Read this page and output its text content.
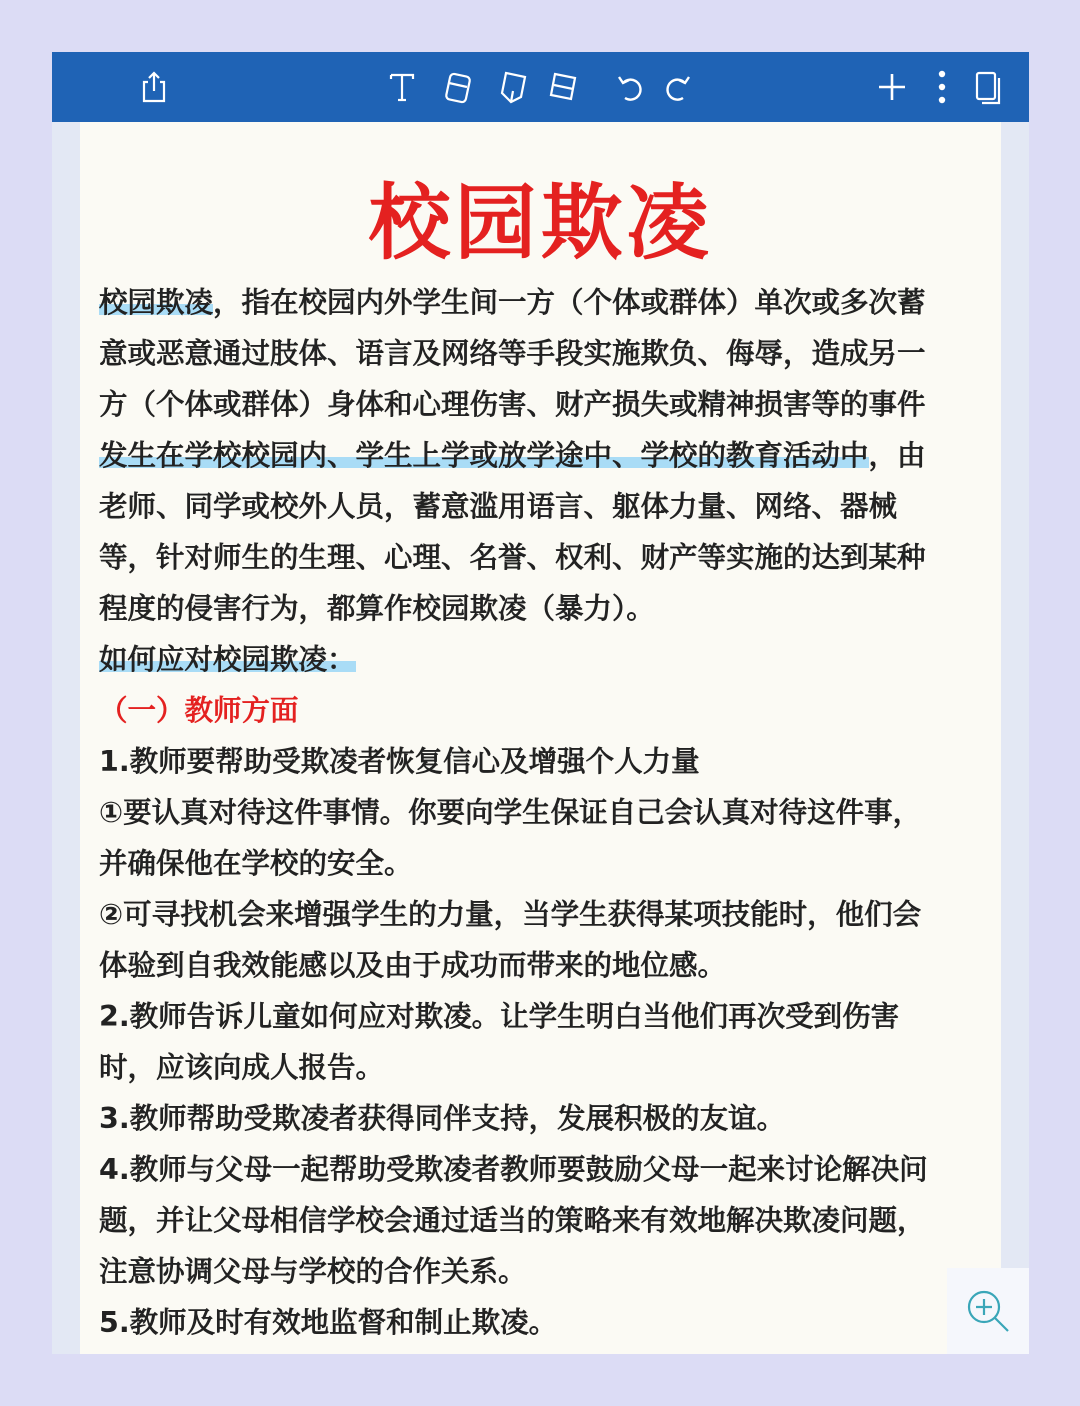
校园欺凌
校园欺凌，指在校园内外学生间一方（个体或群体）单次或多次蓄
意或恶意通过肢体、语言及网络等手段实施欺负、侮辱，造成另一
方（个体或群体）身体和心理伤害、财产损失或精神损害等的事件
发生在学校校园内、学生上学或放学途中、学校的教育活动中，由
老师、同学或校外人员，蓄意滥用语言、躯体力量、网络、器械
等，针对师生的生理、心理、名誉、权利、财产等实施的达到某种
程度的侵害行为，都算作校园欺凌（暴力）。
如何应对校园欺凌：
（一）教师方面
1.教师要帮助受欺凌者恢复信心及增强个人力量
①要认真对待这件事情。你要向学生保证自己会认真对待这件事，
并确保他在学校的安全。
②可寻找机会来增强学生的力量，当学生获得某项技能时，他们会
体验到自我效能感以及由于成功而带来的地位感。
2.教师告诉儿童如何应对欺凌。让学生明白当他们再次受到伤害
时，应该向成人报告。
3.教师帮助受欺凌者获得同伴支持，发展积极的友谊。
4.教师与父母一起帮助受欺凌者教师要鼓励父母一起来讨论解决问
题，并让父母相信学校会通过适当的策略来有效地解决欺凌问题，
注意协调父母与学校的合作关系。
5.教师及时有效地监督和制止欺凌。
